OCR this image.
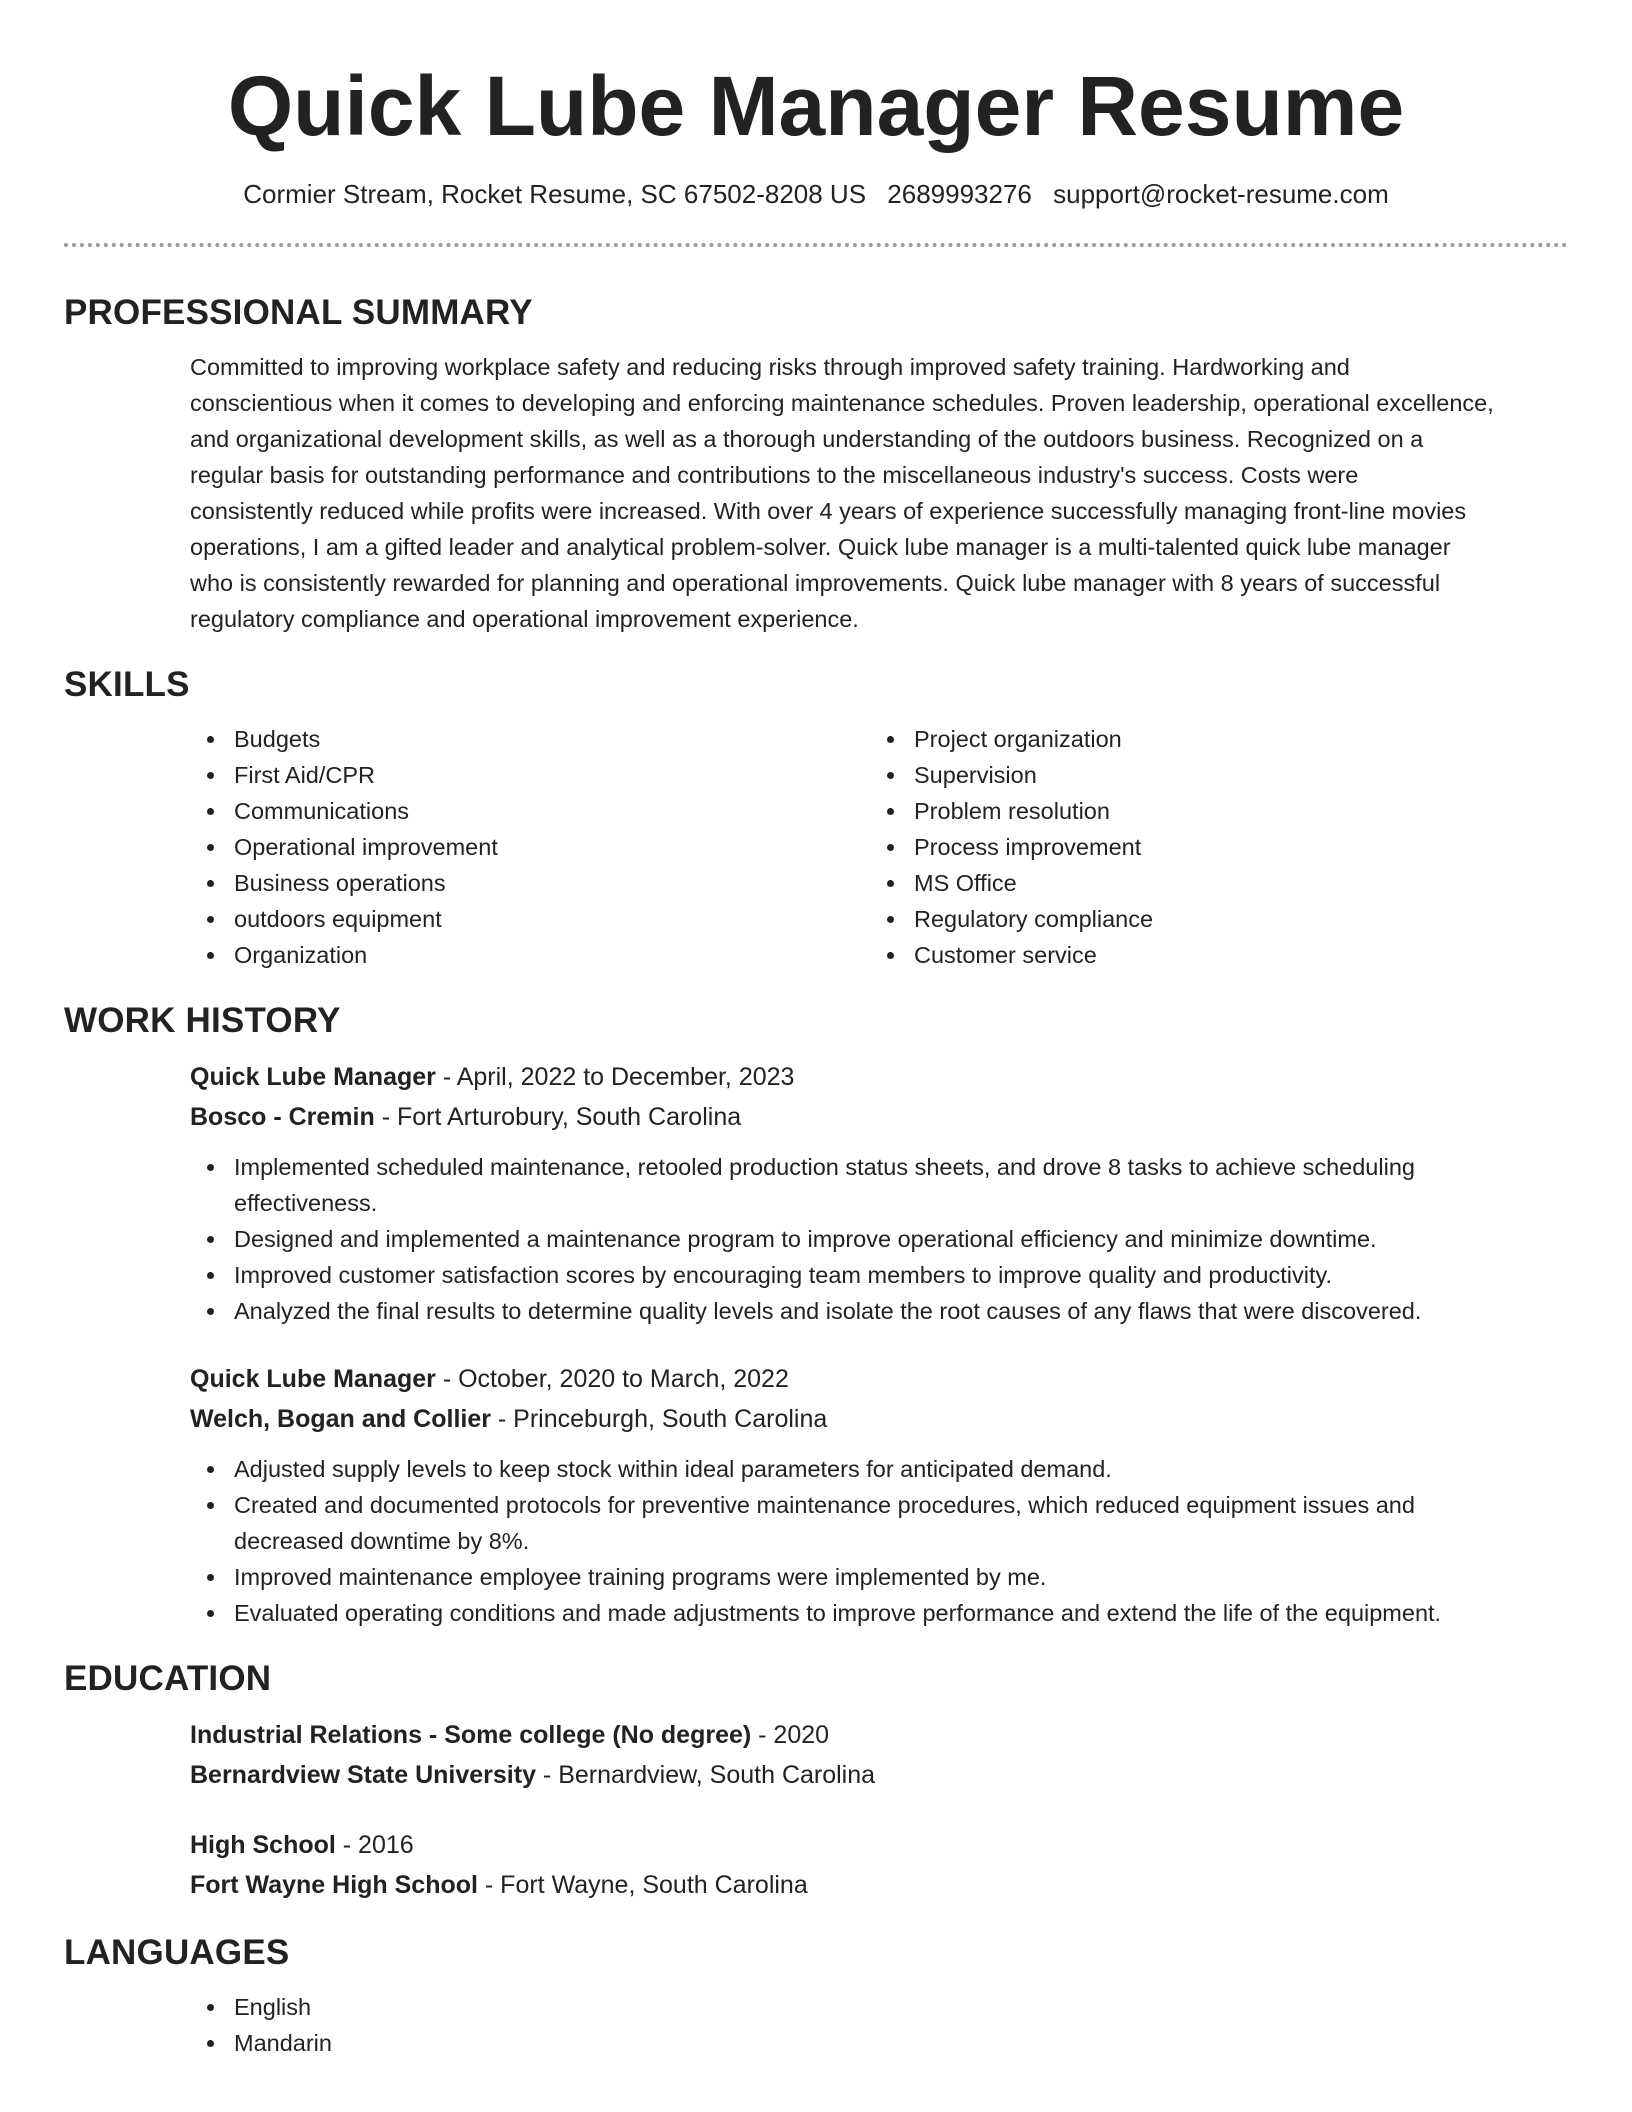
Quick Lube Manager Resume
Cormier Stream, Rocket Resume, SC 67502-8208 US 2689993276 support@rocket-resume.com
PROFESSIONAL SUMMARY

Committed to improving workplace safety and reducing risks through improved safety training. Hardworking and
conscientious when it comes to developing and enforcing maintenance schedules. Proven leadership, operational excellence,
and organizational development skills, as well as a thorough understanding of the outdoors business. Recognized on a
regular basis for outstanding performance and contributions to the miscellaneous industry's success. Costs were
consistently reduced while profits were increased. With over 4 years of experience successfully managing front-line movies
operations, I am a gifted leader and analytical problem-solver. Quick lube manager is a multi-talented quick lube manager
who is consistently rewarded for planning and operational improvements. Quick lube manager with 8 years of successful
regulatory compliance and operational improvement experience.

SKILLS
Budgets
First Aid/CPR
Communications
Operational improvement
Business operations
outdoors equipment
Organization
Project organization
Supervision
Problem resolution
Process improvement
MS Office
Regulatory compliance
Customer service
WORK HISTORY
Quick Lube Manager - April, 2022 to December, 2023
Bosco - Cremin - Fort Arturobury, South Carolina
Implemented scheduled maintenance, retooled production status sheets, and drove 8 tasks to achieve scheduling
effectiveness.
Designed and implemented a maintenance program to improve operational efficiency and minimize downtime.
Improved customer satisfaction scores by encouraging team members to improve quality and productivity.
Analyzed the final results to determine quality levels and isolate the root causes of any flaws that were discovered.
Quick Lube Manager - October, 2020 to March, 2022
Welch, Bogan and Collier - Princeburgh, South Carolina
Adjusted supply levels to keep stock within ideal parameters for anticipated demand.
Created and documented protocols for preventive maintenance procedures, which reduced equipment issues and
decreased downtime by 8%.
Improved maintenance employee training programs were implemented by me.
Evaluated operating conditions and made adjustments to improve performance and extend the life of the equipment.
EDUCATION
Industrial Relations - Some college (No degree) - 2020
Bernardview State University - Bernardview, South Carolina
High School - 2016
Fort Wayne High School - Fort Wayne, South Carolina
LANGUAGES
English
Mandarin
